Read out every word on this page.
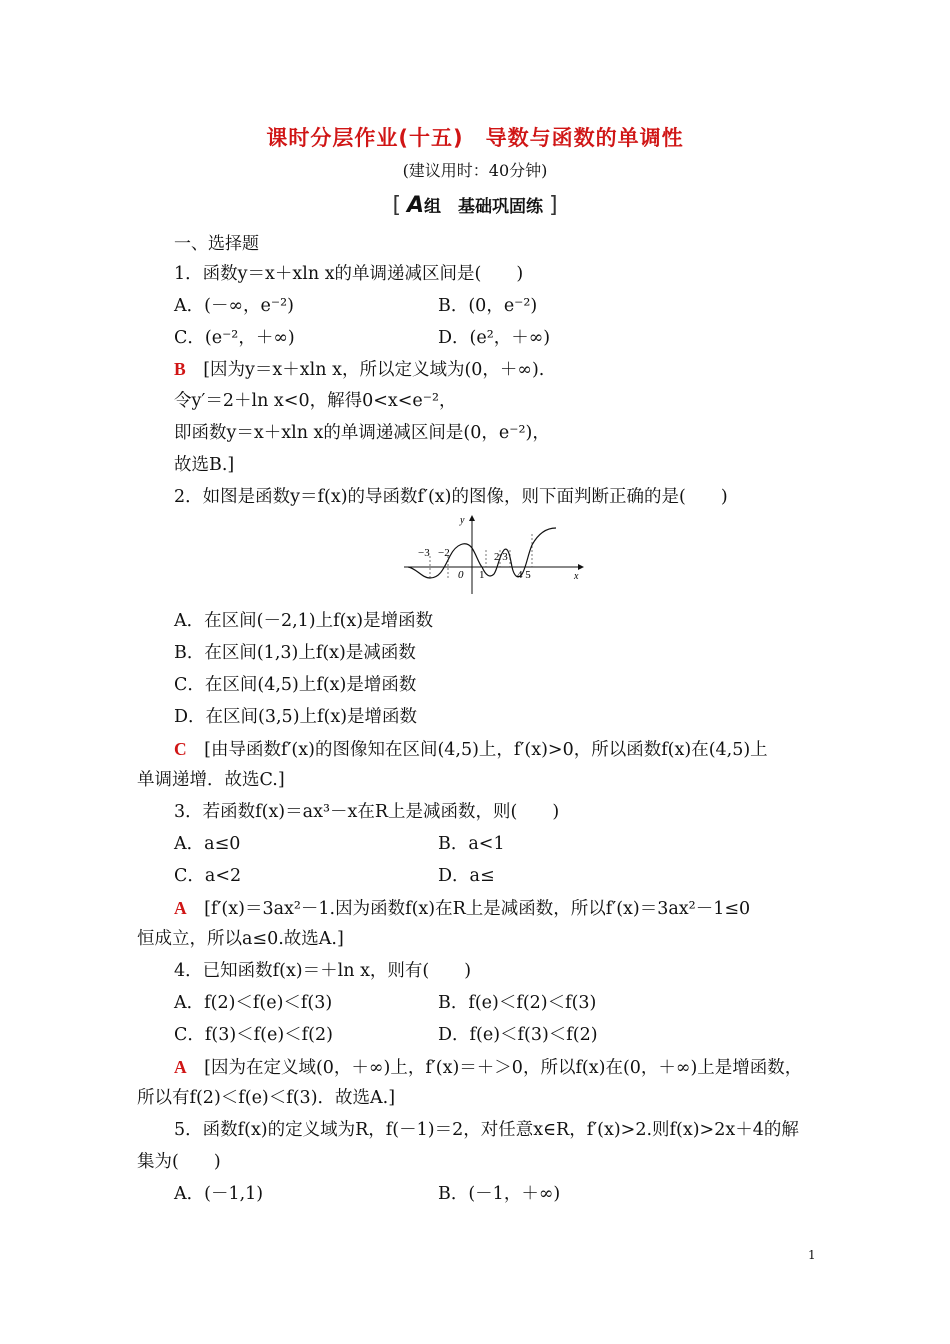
课时分层作业(十五)　导数与函数的单调性
(建议用时：40分钟)
[ A组　基础巩固练 ]
一、选择题
1．函数y＝x＋xln x的单调递减区间是(　　)
A．(－∞，e⁻²)	B．(0，e⁻²)
C．(e⁻²，＋∞)	D．(e²，＋∞)
B　 [因为y＝x＋xln x，所以定义域为(0，＋∞).
令y′＝2＋ln x<0，解得0<x<e⁻²，
即函数y＝x＋xln x的单调递减区间是(0，e⁻²)，
故选B.]
2．如图是函数y＝f(x)的导函数f′(x)的图像，则下面判断正确的是(　　)
y
x
−3 −2
0 1
2 3
4 5
A．在区间(－2,1)上f(x)是增函数
B．在区间(1,3)上f(x)是减函数
C．在区间(4,5)上f(x)是增函数
D．在区间(3,5)上f(x)是增函数
C　 [由导函数f′(x)的图像知在区间(4,5)上，f′(x)>0，所以函数f(x)在(4,5)上
单调递增．故选C.]
3．若函数f(x)＝ax³－x在R上是减函数，则(　　)
A．a≤0	B．a<1
C．a<2	D．a≤
A　 [f′(x)＝3ax²－1.因为函数f(x)在R上是减函数，所以f′(x)＝3ax²－1≤0
恒成立，所以a≤0.故选A.]
4．已知函数f(x)＝＋ln x，则有(　　)
A．f(2)＜f(e)＜f(3)	B．f(e)＜f(2)＜f(3)
C．f(3)＜f(e)＜f(2)	D．f(e)＜f(3)＜f(2)
A　 [因为在定义域(0，＋∞)上，f′(x)＝＋＞0，所以f(x)在(0，＋∞)上是增函数，
所以有f(2)＜f(e)＜f(3)．故选A.]
5．函数f(x)的定义域为R，f(－1)＝2，对任意x∈R，f′(x)>2.则f(x)>2x＋4的解
集为(　　)
A．(－1,1)	B．(－1，＋∞)
1
